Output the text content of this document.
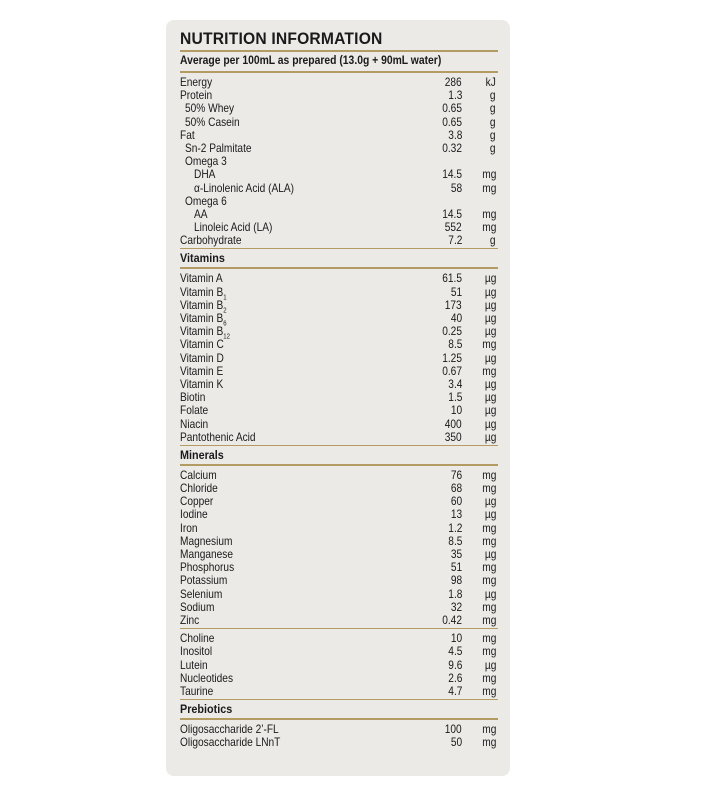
NUTRITION INFORMATION
Average per 100mL as prepared (13.0g + 90mL water)
Energy	286 kJ
Protein	1.3 g
50% Whey	0.65 g
50% Casein	0.65 g
Fat	3.8 g
Sn-2 Palmitate	0.32 g
Omega 3
DHA	14.5 mg
α-Linolenic Acid (ALA)	58 mg
Omega 6
AA	14.5 mg
Linoleic Acid (LA)	552 mg
Carbohydrate	7.2 g
Vitamins
Vitamin A	61.5 µg
Vitamin $B_1$	51 µg
Vitamin $B_2$	173 µg
Vitamin $B_6$	40 µg
Vitamin $B_{12}$	0.25 µg
Vitamin C	8.5 mg
Vitamin D	1.25 µg
Vitamin E	0.67 mg
Vitamin K	3.4 µg
Biotin	1.5 µg
Folate	10 µg
Niacin	400 µg
Pantothenic Acid	350 µg
Minerals
Calcium	76 mg
Chloride	68 mg
Copper	60 µg
Iodine	13 µg
Iron	1.2 mg
Magnesium	8.5 mg
Manganese	35 µg
Phosphorus	51 mg
Potassium	98 mg
Selenium	1.8 µg
Sodium	32 mg
Zinc	0.42 mg
Choline	10 mg
Inositol	4.5 mg
Lutein	9.6 µg
Nucleotides	2.6 mg
Taurine	4.7 mg
Prebiotics
Oligosaccharide 2’-FL	100 mg
Oligosaccharide LNnT	50 mg
